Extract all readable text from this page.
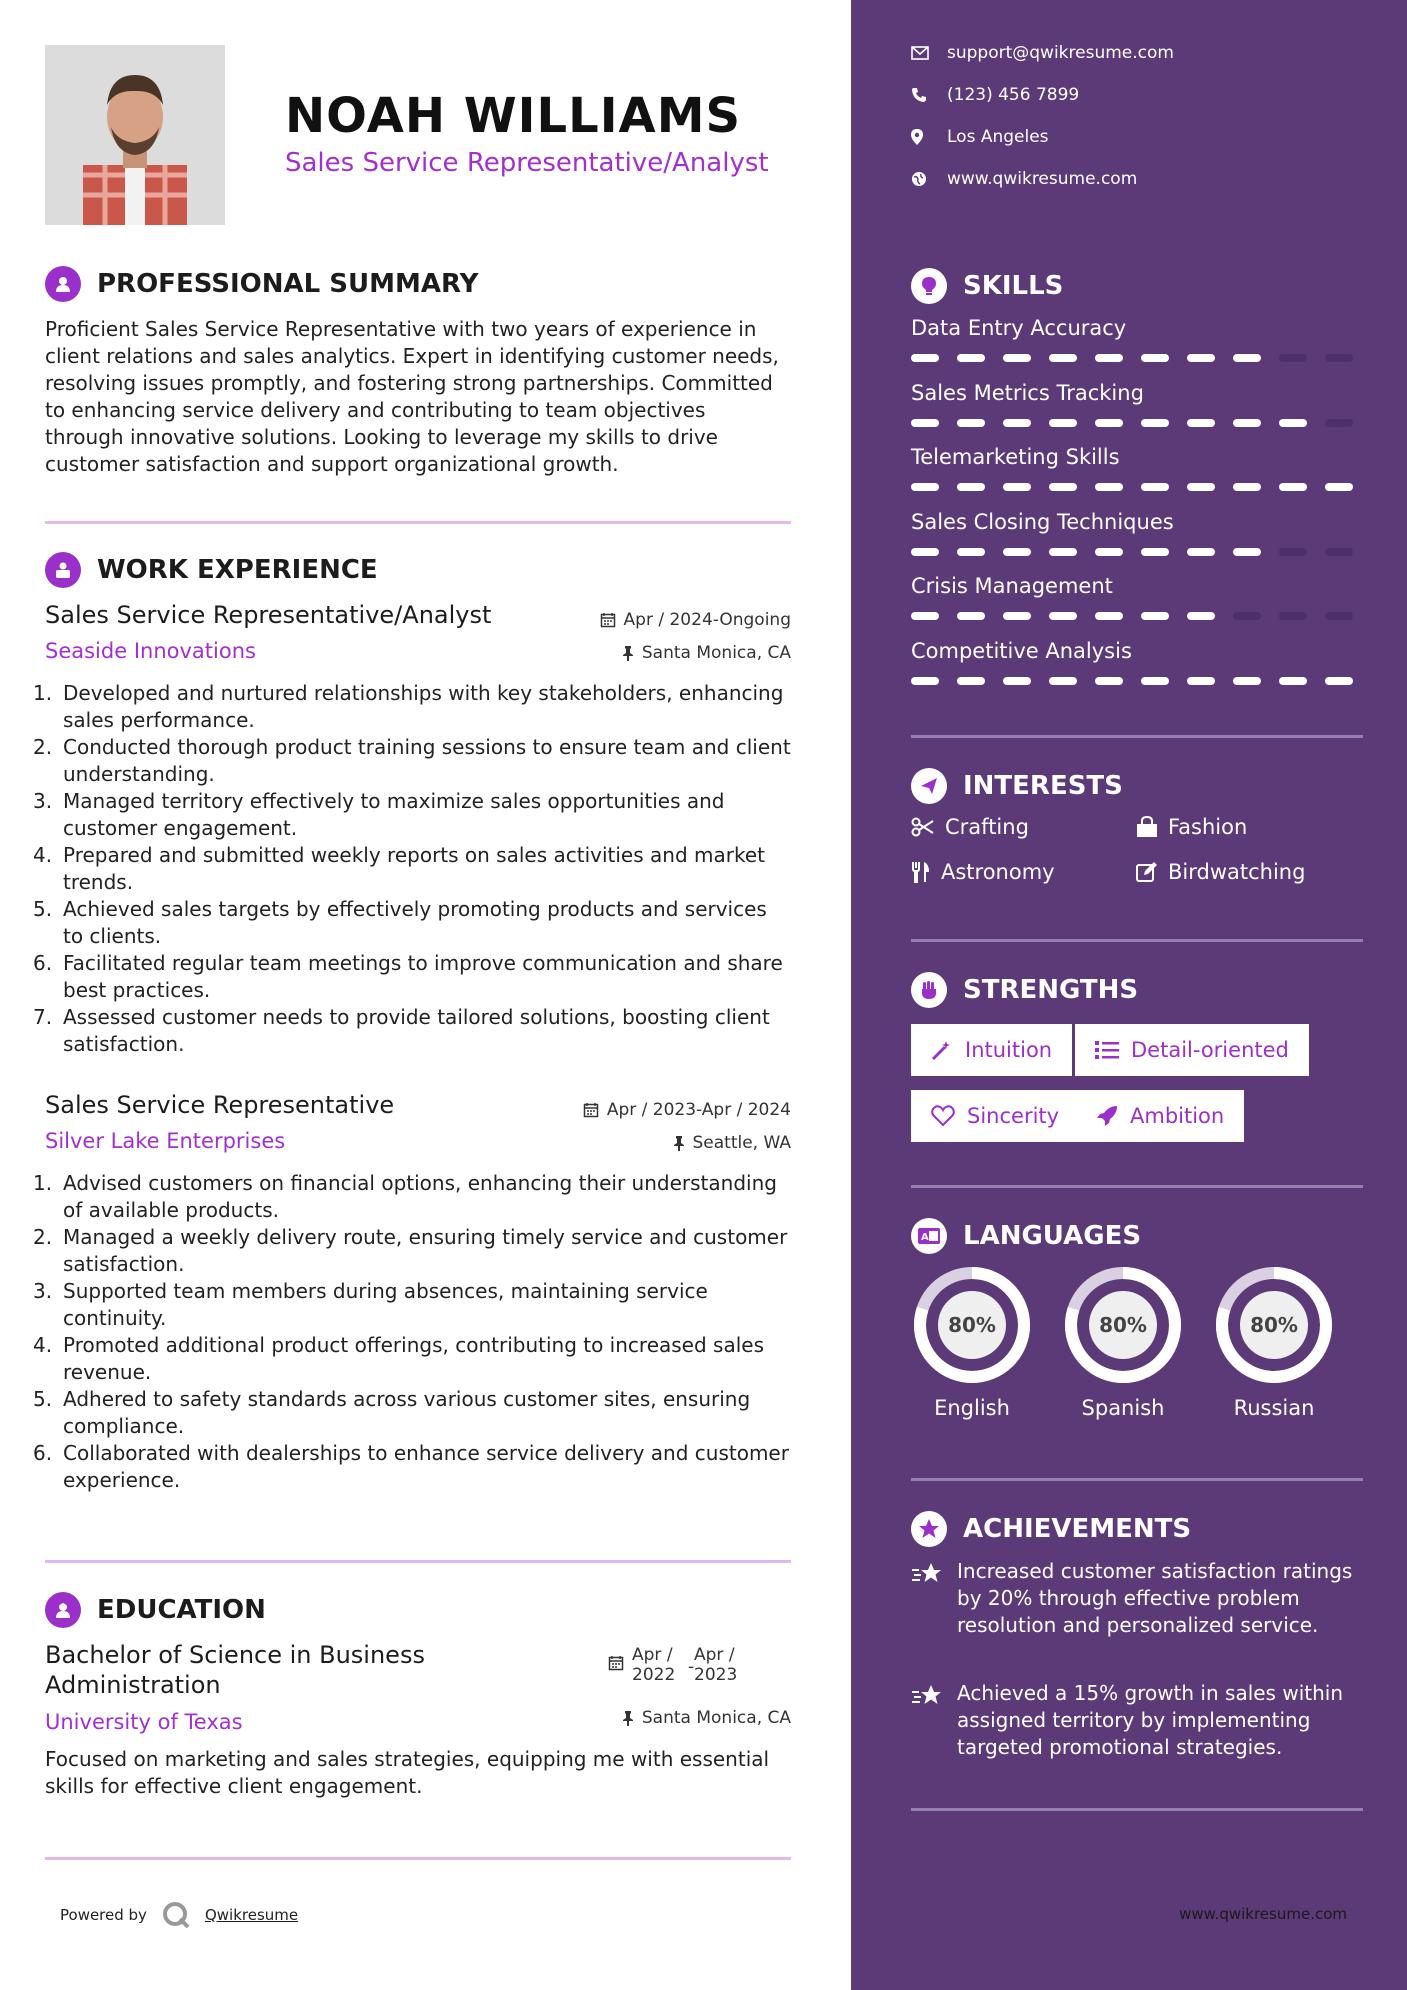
NOAH WILLIAMS
Sales Service Representative/Analyst
PROFESSIONAL SUMMARY
Proficient Sales Service Representative with two years of experience in client relations and sales analytics. Expert in identifying customer needs, resolving issues promptly, and fostering strong partnerships. Committed to enhancing service delivery and contributing to team objectives through innovative solutions. Looking to leverage my skills to drive customer satisfaction and support organizational growth.
WORK EXPERIENCE
Sales Service Representative/Analyst	Apr / 2024-Ongoing
Seaside Innovations	Santa Monica, CA
1. Developed and nurtured relationships with key stakeholders, enhancing sales performance.
2. Conducted thorough product training sessions to ensure team and client understanding.
3. Managed territory effectively to maximize sales opportunities and customer engagement.
4. Prepared and submitted weekly reports on sales activities and market trends.
5. Achieved sales targets by effectively promoting products and services to clients.
6. Facilitated regular team meetings to improve communication and share best practices.
7. Assessed customer needs to provide tailored solutions, boosting client satisfaction.
Sales Service Representative	Apr / 2023-Apr / 2024
Silver Lake Enterprises	Seattle, WA
1. Advised customers on financial options, enhancing their understanding of available products.
2. Managed a weekly delivery route, ensuring timely service and customer satisfaction.
3. Supported team members during absences, maintaining service continuity.
4. Promoted additional product offerings, contributing to increased sales revenue.
5. Adhered to safety standards across various customer sites, ensuring compliance.
6. Collaborated with dealerships to enhance service delivery and customer experience.
EDUCATION
Bachelor of Science in Business Administration
Apr / 2022 -
Apr / 2023
University of Texas	Santa Monica, CA
Focused on marketing and sales strategies, equipping me with essential skills for effective client engagement.
Powered by	Qwikresume
support@qwikresume.com
(123) 456 7899
Los Angeles
www.qwikresume.com
SKILLS
Data Entry Accuracy
Sales Metrics Tracking
Telemarketing Skills
Sales Closing Techniques
Crisis Management
Competitive Analysis
INTERESTS
Crafting	Fashion
Astronomy	Birdwatching
STRENGTHS
Intuition	Detail-oriented
Sincerity	Ambition
A LANGUAGES
80%
English
80%
Spanish
80%
Russian
ACHIEVEMENTS
Increased customer satisfaction ratings by 20% through effective problem resolution and personalized service.
Achieved a 15% growth in sales within assigned territory by implementing targeted promotional strategies.
www.qwikresume.com
